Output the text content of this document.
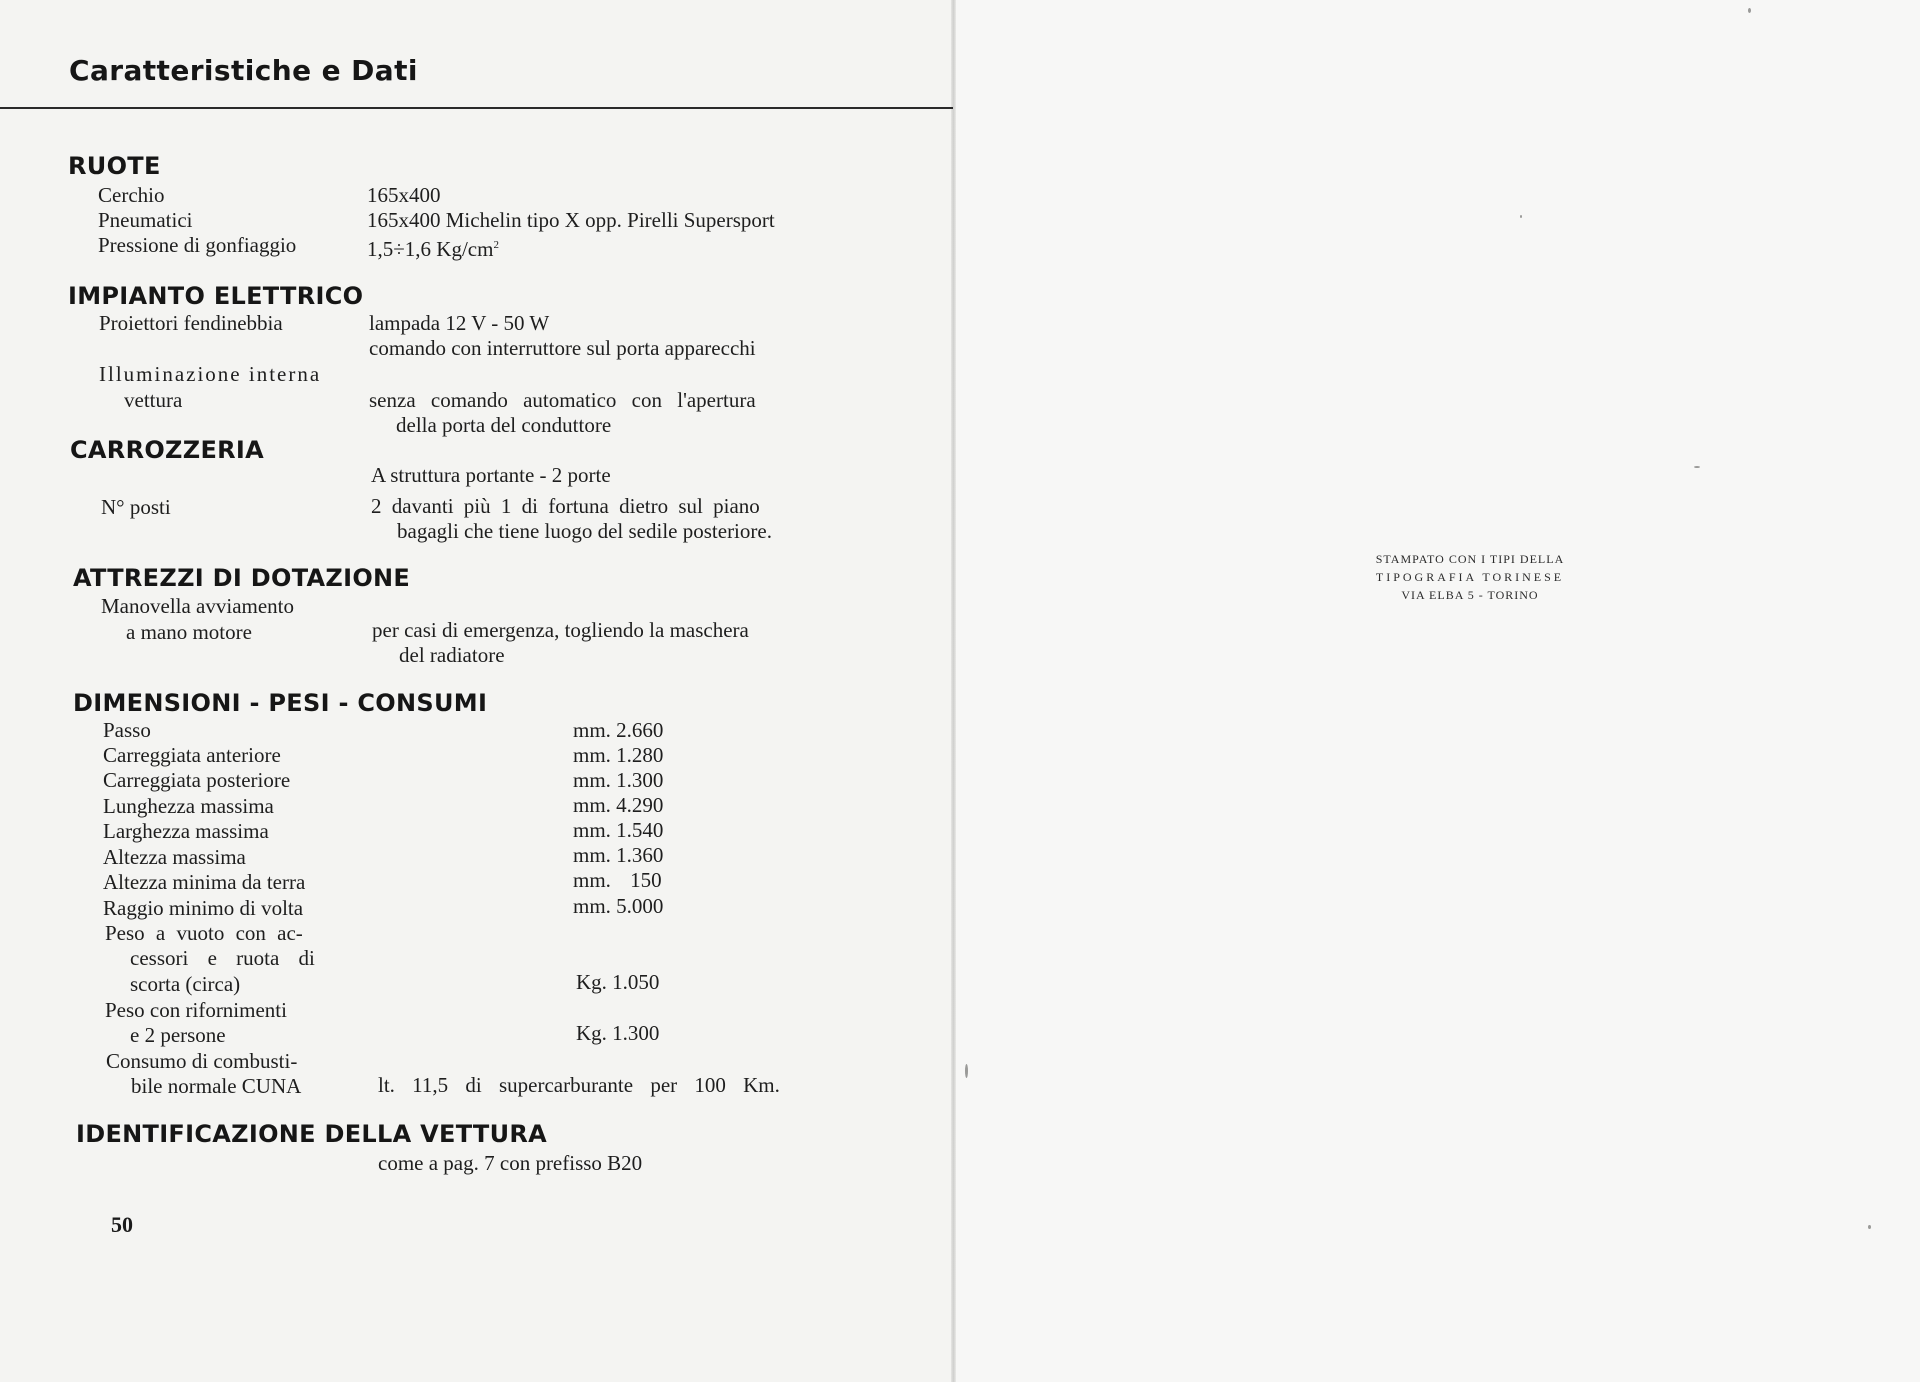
Caratteristiche e Dati
RUOTE
Cerchio	165x400
Pneumatici	165x400 Michelin tipo X opp. Pirelli Supersport
Pressione di gonfiaggio	1,5÷1,6 $Kg/cm^2$
IMPIANTO ELETTRICO
Proiettori fendinebbia	lampada 12 V - 50 W
comando con interruttore sul porta apparecchi
Illuminazione interna
vettura	senza comando automatico con l'apertura
della porta del conduttore
CARROZZERIA
A struttura portante - 2 porte
N° posti	2 davanti più 1 di fortuna dietro sul piano
bagagli che tiene luogo del sedile posteriore.
ATTREZZI DI DOTAZIONE
Manovella avviamento
a mano motore	per casi di emergenza, togliendo la maschera
del radiatore
DIMENSIONI - PESI - CONSUMI
Passo	mm. 2.660
Carreggiata anteriore	mm. 1.280
Carreggiata posteriore	mm. 1.300
Lunghezza massima	mm. 4.290
Larghezza massima	mm. 1.540
Altezza massima	mm. 1.360
Altezza minima da terra	mm. 150
Raggio minimo di volta	mm. 5.000
Peso a vuoto con ac-
cessori e ruota di
scorta (circa)	Kg. 1.050
Peso con rifornimenti
e 2 persone	Kg. 1.300
Consumo di combusti-
bile normale CUNA	lt. 11,5 di supercarburante per 100 Km.
IDENTIFICAZIONE DELLA VETTURA
come a pag. 7 con prefisso B20
50
STAMPATO CON I TIPI DELLA
TIPOGRAFIA TORINESE
VIA ELBA 5 - TORINO
